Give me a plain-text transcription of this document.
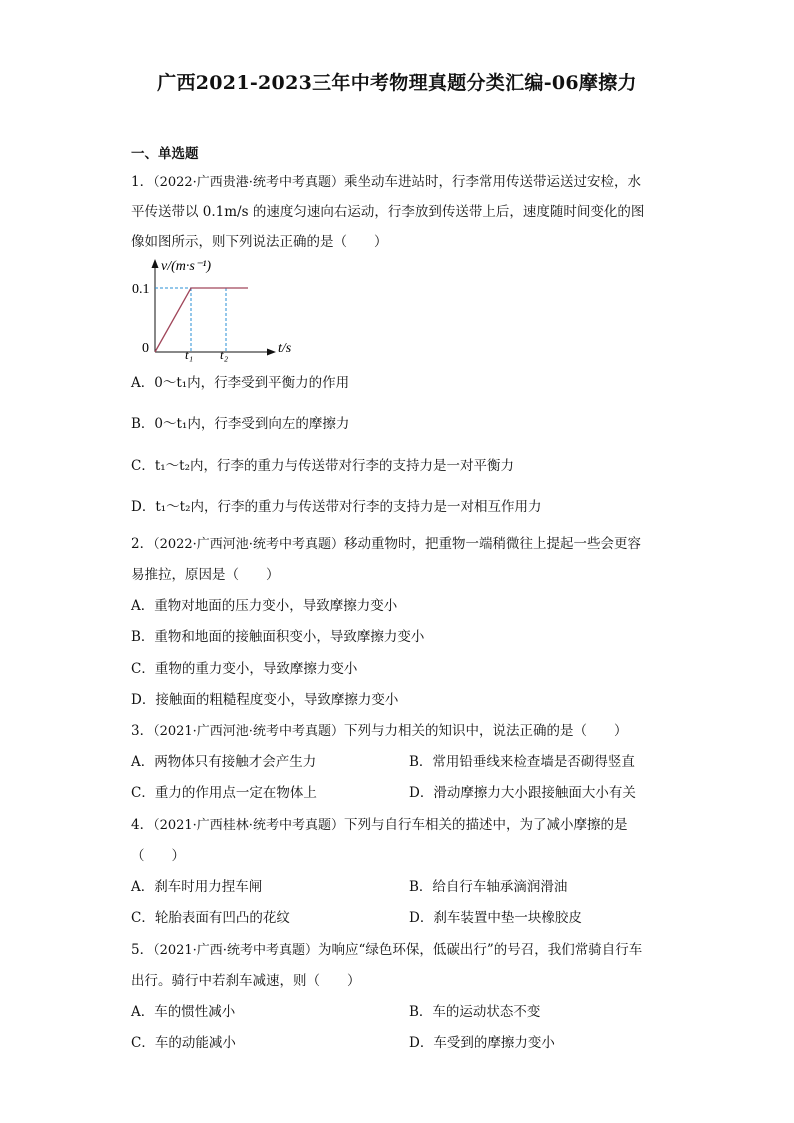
广西2021-2023三年中考物理真题分类汇编-06摩擦力
一、单选题
1．（2022·广西贵港·统考中考真题）乘坐动车进站时，行李常用传送带运送过安检，水
平传送带以 0.1m/s 的速度匀速向右运动，行李放到传送带上后，速度随时间变化的图
像如图所示，则下列说法正确的是（　　）
v/(m·s⁻¹)
0.1
0	t₁ t₂	t/s
A．0～t₁内，行李受到平衡力的作用
B．0～t₁内，行李受到向左的摩擦力
C．t₁～t₂内，行李的重力与传送带对行李的支持力是一对平衡力
D．t₁～t₂内，行李的重力与传送带对行李的支持力是一对相互作用力
2．（2022·广西河池·统考中考真题）移动重物时，把重物一端稍微往上提起一些会更容
易推拉，原因是（　　）
A．重物对地面的压力变小，导致摩擦力变小
B．重物和地面的接触面积变小，导致摩擦力变小
C．重物的重力变小，导致摩擦力变小
D．接触面的粗糙程度变小，导致摩擦力变小
3．（2021·广西河池·统考中考真题）下列与力相关的知识中，说法正确的是（　　）
A．两物体只有接触才会产生力	B．常用铅垂线来检查墙是否砌得竖直
C．重力的作用点一定在物体上	D．滑动摩擦力大小跟接触面大小有关
4．（2021·广西桂林·统考中考真题）下列与自行车相关的描述中，为了减小摩擦的是
（　　）
A．刹车时用力捏车闸	B．给自行车轴承滴润滑油
C．轮胎表面有凹凸的花纹	D．刹车装置中垫一块橡胶皮
5．（2021·广西·统考中考真题）为响应“绿色环保，低碳出行”的号召，我们常骑自行车
出行。骑行中若刹车减速，则（　　）
A．车的惯性减小	B．车的运动状态不变
C．车的动能减小	D．车受到的摩擦力变小
